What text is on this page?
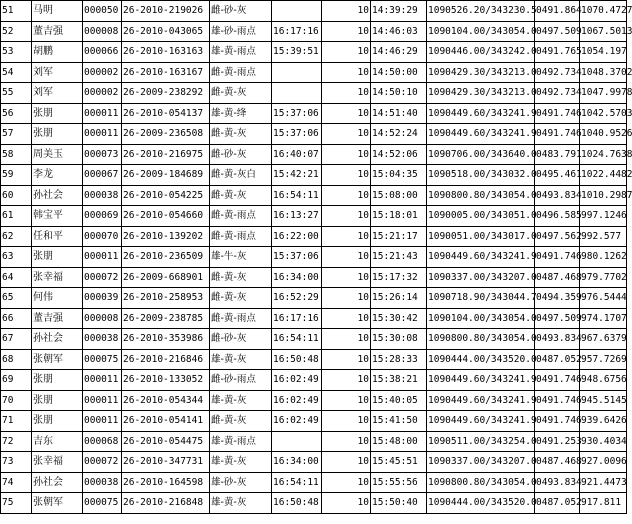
51	马明	000050	26-2010-219026	雌-砂-灰		10	14:39:29	1090526.20/343230.5	0491.864	1070.4727
52	董吉强	000008	26-2010-043065	雄-砂-雨点	16:17:16	10	14:46:03	1090104.00/343054.0	0497.509	1067.5013
53	胡鹏	000066	26-2010-163163	雄-黄-雨点	15:39:51	10	14:46:29	1090446.00/343242.0	0491.765	1054.197
54	刘军	000002	26-2010-163167	雌-黄-雨点		10	14:50:00	1090429.30/343213.0	0492.734	1048.3702
55	刘军	000002	26-2009-238292	雌-黄-灰		10	14:50:10	1090429.30/343213.0	0492.734	1047.9978
56	张朋	000011	26-2010-054137	雄-黄-绛	15:37:06	10	14:51:40	1090449.60/343241.9	0491.746	1042.5703
57	张朋	000011	26-2009-236508	雌-黄-灰	15:37:06	10	14:52:24	1090449.60/343241.9	0491.746	1040.9526
58	周美玉	000073	26-2010-216975	雌-砂-灰	16:40:07	10	14:52:06	1090706.00/343640.0	0483.791	1024.7638
59	李龙	000067	26-2009-184689	雌-黄-灰白	15:42:21	10	15:04:35	1090518.00/343032.0	0495.461	1022.4482
60	孙社会	000038	26-2010-054225	雌-黄-灰	16:54:11	10	15:08:00	1090800.80/343054.0	0493.834	1010.2987
61	韩宝平	000069	26-2010-054660	雌-黄-雨点	16:13:27	10	15:18:01	1090005.00/343051.0	0496.585	997.1246
62	任和平	000070	26-2010-139202	雌-黄-雨点	16:22:00	10	15:21:17	1090051.00/343017.0	0497.562	992.577
63	张朋	000011	26-2010-236509	雄-牛-灰	15:37:06	10	15:21:43	1090449.60/343241.9	0491.746	980.1262
64	张幸福	000072	26-2009-668901	雌-黄-灰	16:34:00	10	15:17:32	1090337.00/343207.0	0487.468	979.7702
65	何伟	000039	26-2010-258953	雌-黄-灰	16:52:29	10	15:26:14	1090718.90/343044.7	0494.359	976.5444
66	董吉强	000008	26-2009-238785	雌-黄-雨点	16:17:16	10	15:30:42	1090104.00/343054.0	0497.509	974.1707
67	孙社会	000038	26-2010-353986	雌-砂-灰	16:54:11	10	15:30:08	1090800.80/343054.0	0493.834	967.6379
68	张朝军	000075	26-2010-216846	雄-黄-灰	16:50:48	10	15:28:33	1090444.00/343520.0	0487.052	957.7269
69	张朋	000011	26-2010-133052	雌-砂-雨点	16:02:49	10	15:38:21	1090449.60/343241.9	0491.746	948.6756
70	张朋	000011	26-2010-054344	雄-黄-灰	16:02:49	10	15:40:05	1090449.60/343241.9	0491.746	945.5145
71	张朋	000011	26-2010-054141	雌-黄-灰	16:02:49	10	15:41:50	1090449.60/343241.9	0491.746	939.6426
72	吉东	000068	26-2010-054475	雄-黄-雨点		10	15:48:00	1090511.00/343254.0	0491.253	930.4034
73	张幸福	000072	26-2010-347731	雄-黄-灰	16:34:00	10	15:45:51	1090337.00/343207.0	0487.468	927.0096
74	孙社会	000038	26-2010-164598	雄-砂-灰	16:54:11	10	15:55:56	1090800.80/343054.0	0493.834	921.4473
75	张朝军	000075	26-2010-216848	雄-黄-灰	16:50:48	10	15:50:40	1090444.00/343520.0	0487.052	917.811
